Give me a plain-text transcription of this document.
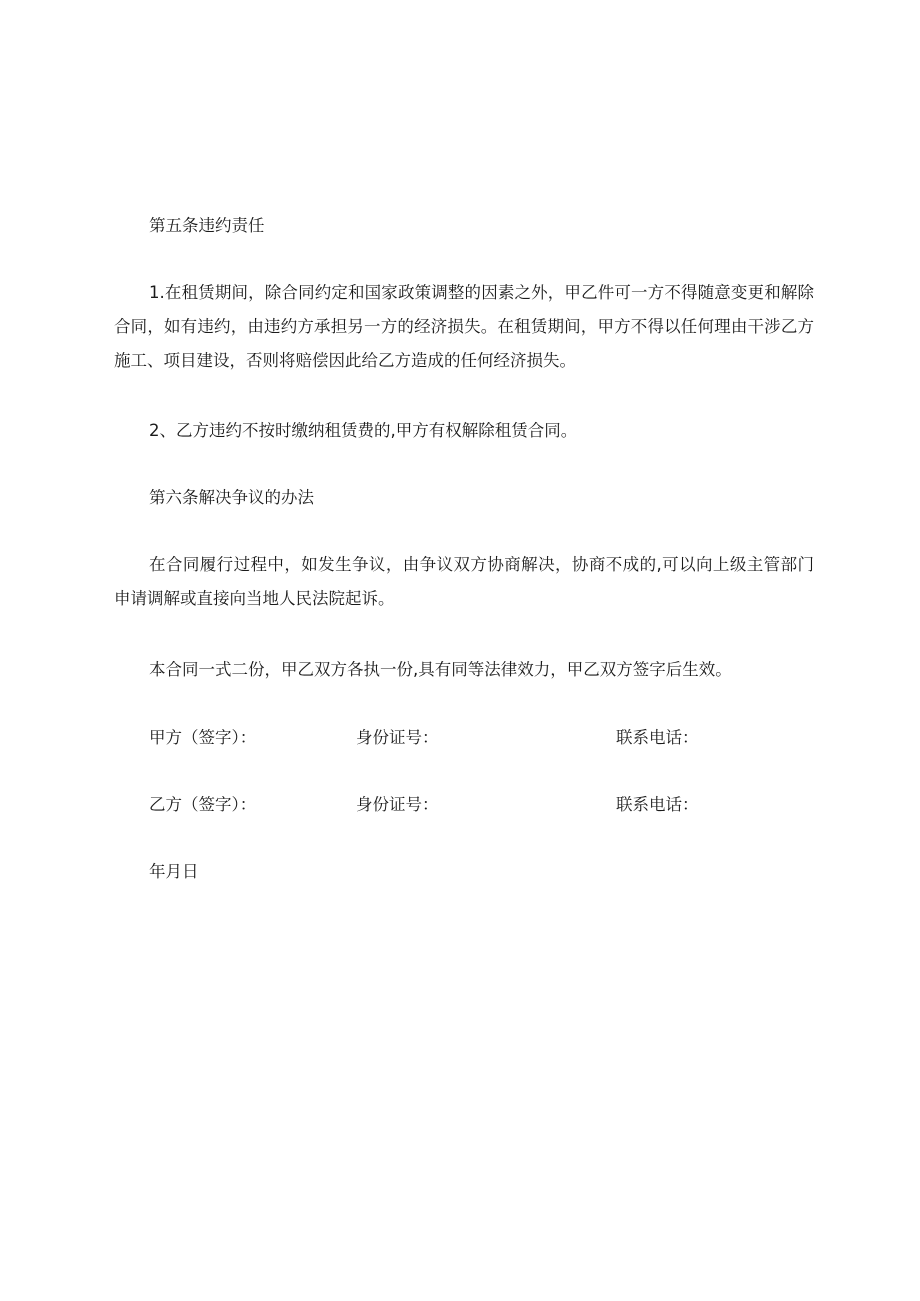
第五条违约责任
1.在租赁期间，除合同约定和国家政策调整的因素之外，甲乙件可一方不得随意变更和解除合同，如有违约，由违约方承担另一方的经济损失。在租赁期间，甲方不得以任何理由干涉乙方施工、项目建设，否则将赔偿因此给乙方造成的任何经济损失。
2、乙方违约不按时缴纳租赁费的,甲方有权解除租赁合同。
第六条解决争议的办法
在合同履行过程中，如发生争议，由争议双方协商解决，协商不成的,可以向上级主管部门申请调解或直接向当地人民法院起诉。
本合同一式二份，甲乙双方各执一份,具有同等法律效力，甲乙双方签字后生效。
甲方（签字）：	身份证号：	联系电话：
乙方（签字）：	身份证号：	联系电话：
年月日
